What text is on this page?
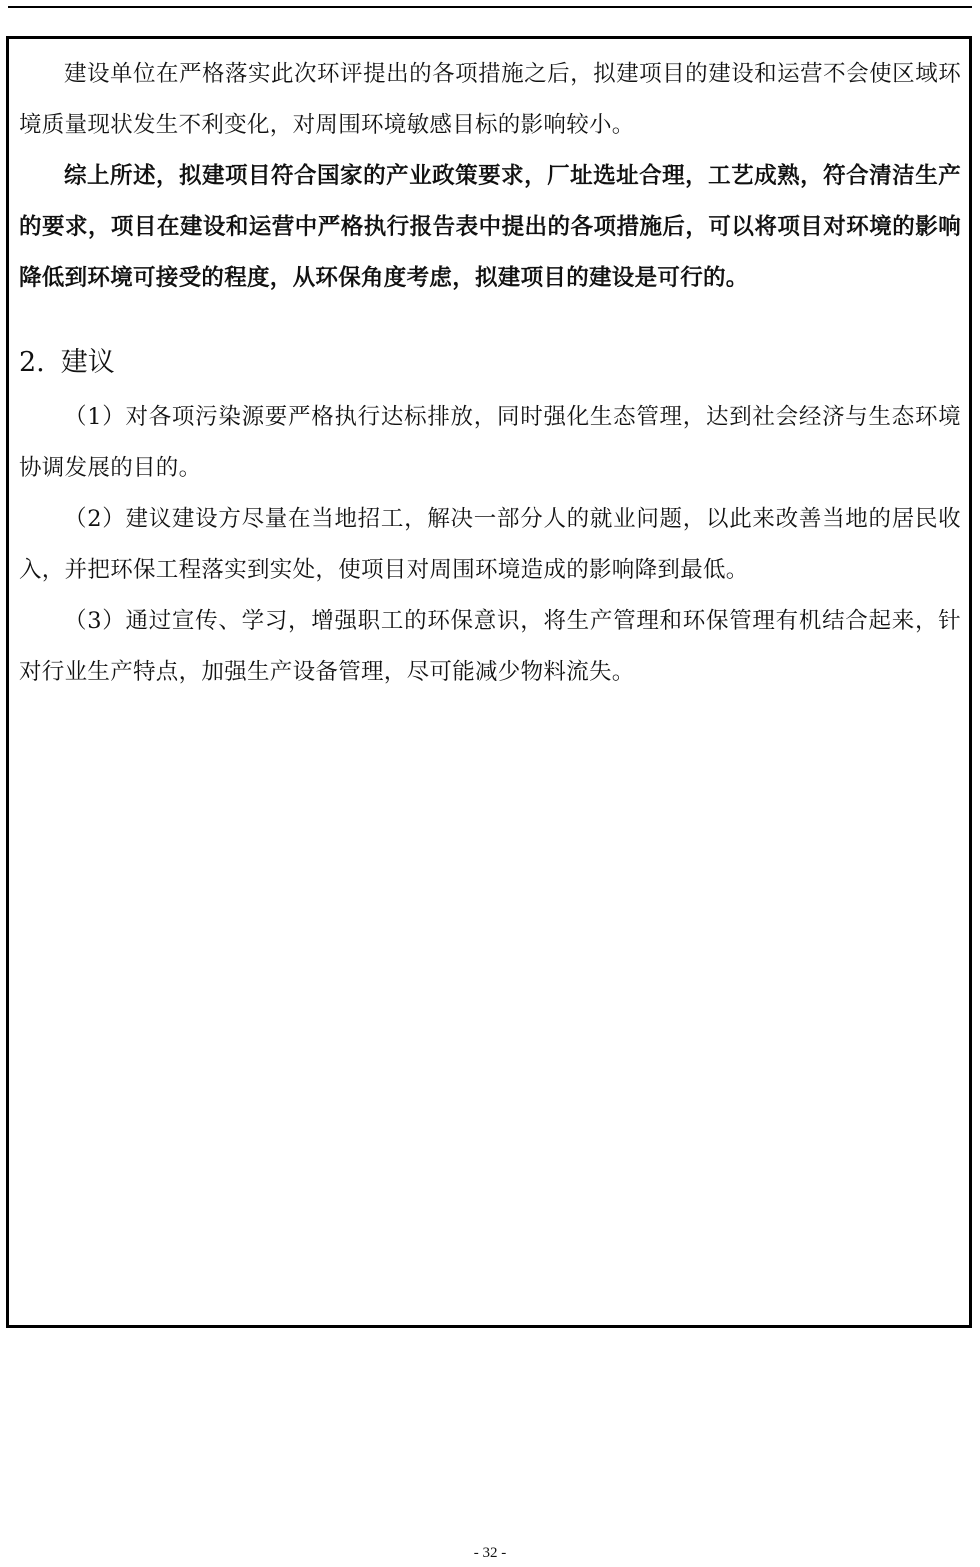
建设单位在严格落实此次环评提出的各项措施之后，拟建项目的建设和运营不会使区域环境质量现状发生不利变化，对周围环境敏感目标的影响较小。

综上所述，拟建项目符合国家的产业政策要求，厂址选址合理，工艺成熟，符合清洁生产的要求，项目在建设和运营中严格执行报告表中提出的各项措施后，可以将项目对环境的影响降低到环境可接受的程度，从环保角度考虑，拟建项目的建设是可行的。

2. 建议

（1）对各项污染源要严格执行达标排放，同时强化生态管理，达到社会经济与生态环境协调发展的目的。

（2）建议建设方尽量在当地招工，解决一部分人的就业问题，以此来改善当地的居民收入，并把环保工程落实到实处，使项目对周围环境造成的影响降到最低。

（3）通过宣传、学习，增强职工的环保意识，将生产管理和环保管理有机结合起来，针对行业生产特点，加强生产设备管理，尽可能减少物料流失。

- 32 -
